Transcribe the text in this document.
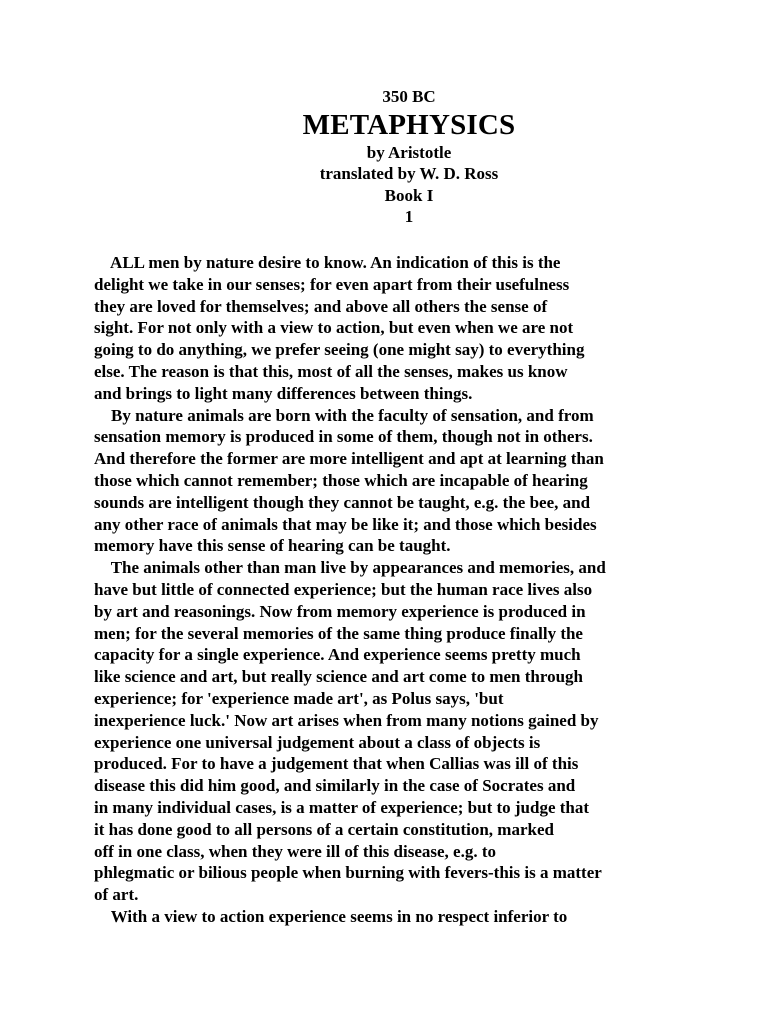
350 BC
METAPHYSICS
by Aristotle
translated by W. D. Ross
Book I
1
ALL men by nature desire to know. An indication of this is the
delight we take in our senses; for even apart from their usefulness
they are loved for themselves; and above all others the sense of
sight. For not only with a view to action, but even when we are not
going to do anything, we prefer seeing (one might say) to everything
else. The reason is that this, most of all the senses, makes us know
and brings to light many differences between things.
By nature animals are born with the faculty of sensation, and from
sensation memory is produced in some of them, though not in others.
And therefore the former are more intelligent and apt at learning than
those which cannot remember; those which are incapable of hearing
sounds are intelligent though they cannot be taught, e.g. the bee, and
any other race of animals that may be like it; and those which besides
memory have this sense of hearing can be taught.
The animals other than man live by appearances and memories, and
have but little of connected experience; but the human race lives also
by art and reasonings. Now from memory experience is produced in
men; for the several memories of the same thing produce finally the
capacity for a single experience. And experience seems pretty much
like science and art, but really science and art come to men through
experience; for 'experience made art', as Polus says, 'but
inexperience luck.' Now art arises when from many notions gained by
experience one universal judgement about a class of objects is
produced. For to have a judgement that when Callias was ill of this
disease this did him good, and similarly in the case of Socrates and
in many individual cases, is a matter of experience; but to judge that
it has done good to all persons of a certain constitution, marked
off in one class, when they were ill of this disease, e.g. to
phlegmatic or bilious people when burning with fevers-this is a matter
of art.
With a view to action experience seems in no respect inferior to
